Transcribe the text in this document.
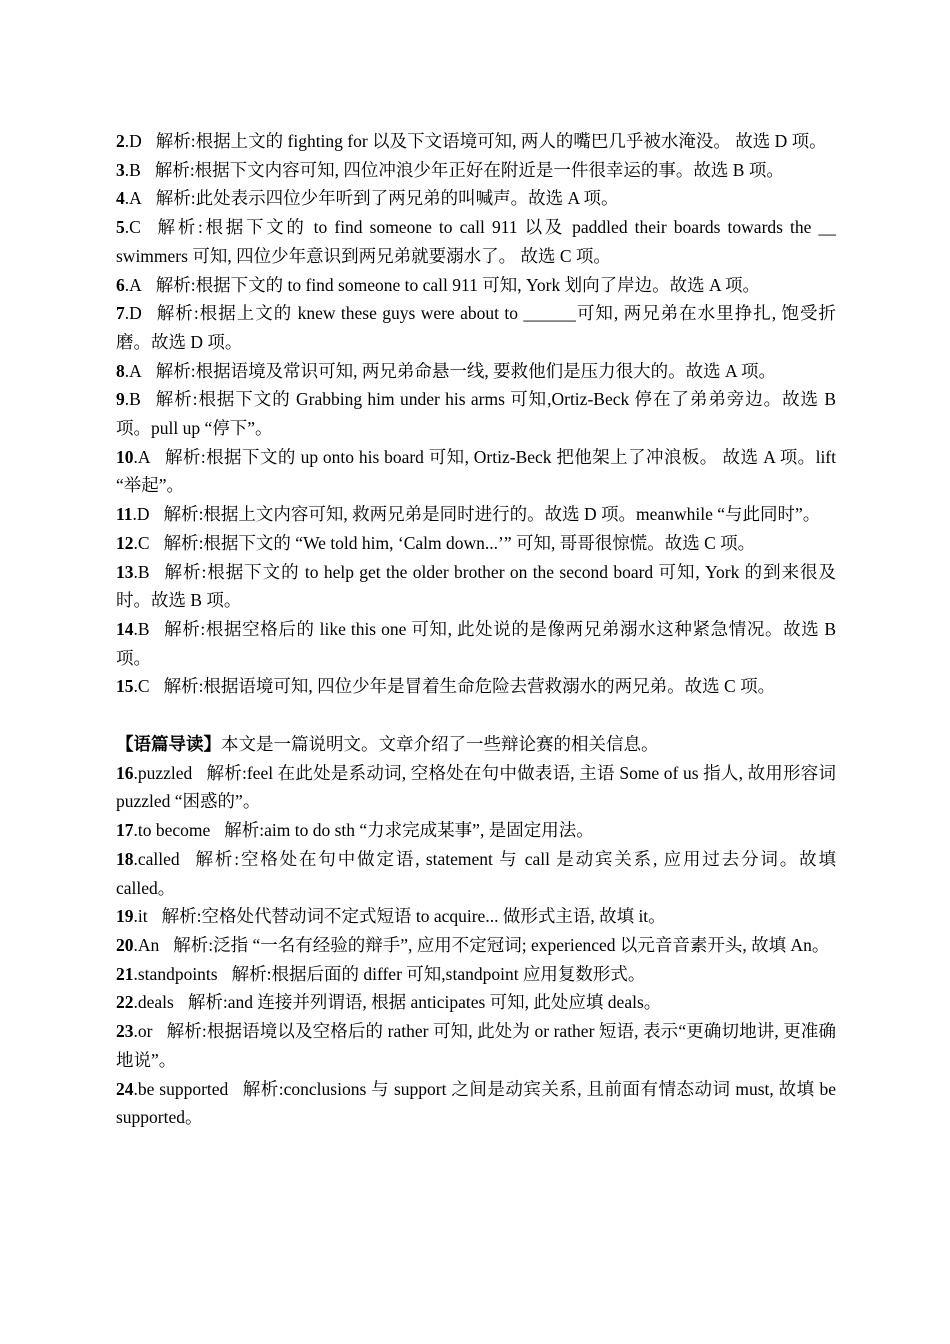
2.D 解析:根据上文的 fighting for 以及下文语境可知, 两人的嘴巴几乎被水淹没。 故选 D 项。

3.B 解析:根据下文内容可知, 四位冲浪少年正好在附近是一件很幸运的事。故选 B 项。

4.A 解析:此处表示四位少年听到了两兄弟的叫喊声。故选 A 项。

5.C 解析:根据下文的 to find someone to call 911 以及 paddled their boards towards the __ swimmers 可知, 四位少年意识到两兄弟就要溺水了。 故选 C 项。

6.A 解析:根据下文的 to find someone to call 911 可知, York 划向了岸边。故选 A 项。

7.D 解析:根据上文的 knew these guys were about to ______可知, 两兄弟在水里挣扎, 饱受折磨。故选 D 项。

8.A 解析:根据语境及常识可知, 两兄弟命悬一线, 要救他们是压力很大的。故选 A 项。

9.B 解析:根据下文的 Grabbing him under his arms 可知,Ortiz-Beck 停在了弟弟旁边。故选 B 项。pull up “停下”。

10.A 解析:根据下文的 up onto his board 可知, Ortiz-Beck 把他架上了冲浪板。 故选 A 项。lift “举起”。

11.D 解析:根据上文内容可知, 救两兄弟是同时进行的。故选 D 项。meanwhile “与此同时”。

12.C 解析:根据下文的 “We told him, ‘Calm down...’” 可知, 哥哥很惊慌。故选 C 项。

13.B 解析:根据下文的 to help get the older brother on the second board 可知, York 的到来很及时。故选 B 项。

14.B 解析:根据空格后的 like this one 可知, 此处说的是像两兄弟溺水这种紧急情况。故选 B 项。

15.C 解析:根据语境可知, 四位少年是冒着生命危险去营救溺水的两兄弟。故选 C 项。

【语篇导读】本文是一篇说明文。文章介绍了一些辩论赛的相关信息。

16.puzzled 解析:feel 在此处是系动词, 空格处在句中做表语, 主语 Some of us 指人, 故用形容词 puzzled “困惑的”。

17.to become 解析:aim to do sth “力求完成某事”, 是固定用法。

18.called 解析:空格处在句中做定语, statement 与 call 是动宾关系, 应用过去分词。故填 called。

19.it 解析:空格处代替动词不定式短语 to acquire... 做形式主语, 故填 it。

20.An 解析:泛指 “一名有经验的辩手”, 应用不定冠词; experienced 以元音音素开头, 故填 An。

21.standpoints 解析:根据后面的 differ 可知,standpoint 应用复数形式。

22.deals 解析:and 连接并列谓语, 根据 anticipates 可知, 此处应填 deals。

23.or 解析:根据语境以及空格后的 rather 可知, 此处为 or rather 短语, 表示“更确切地讲, 更准确地说”。

24.be supported 解析:conclusions 与 support 之间是动宾关系, 且前面有情态动词 must, 故填 be supported。
